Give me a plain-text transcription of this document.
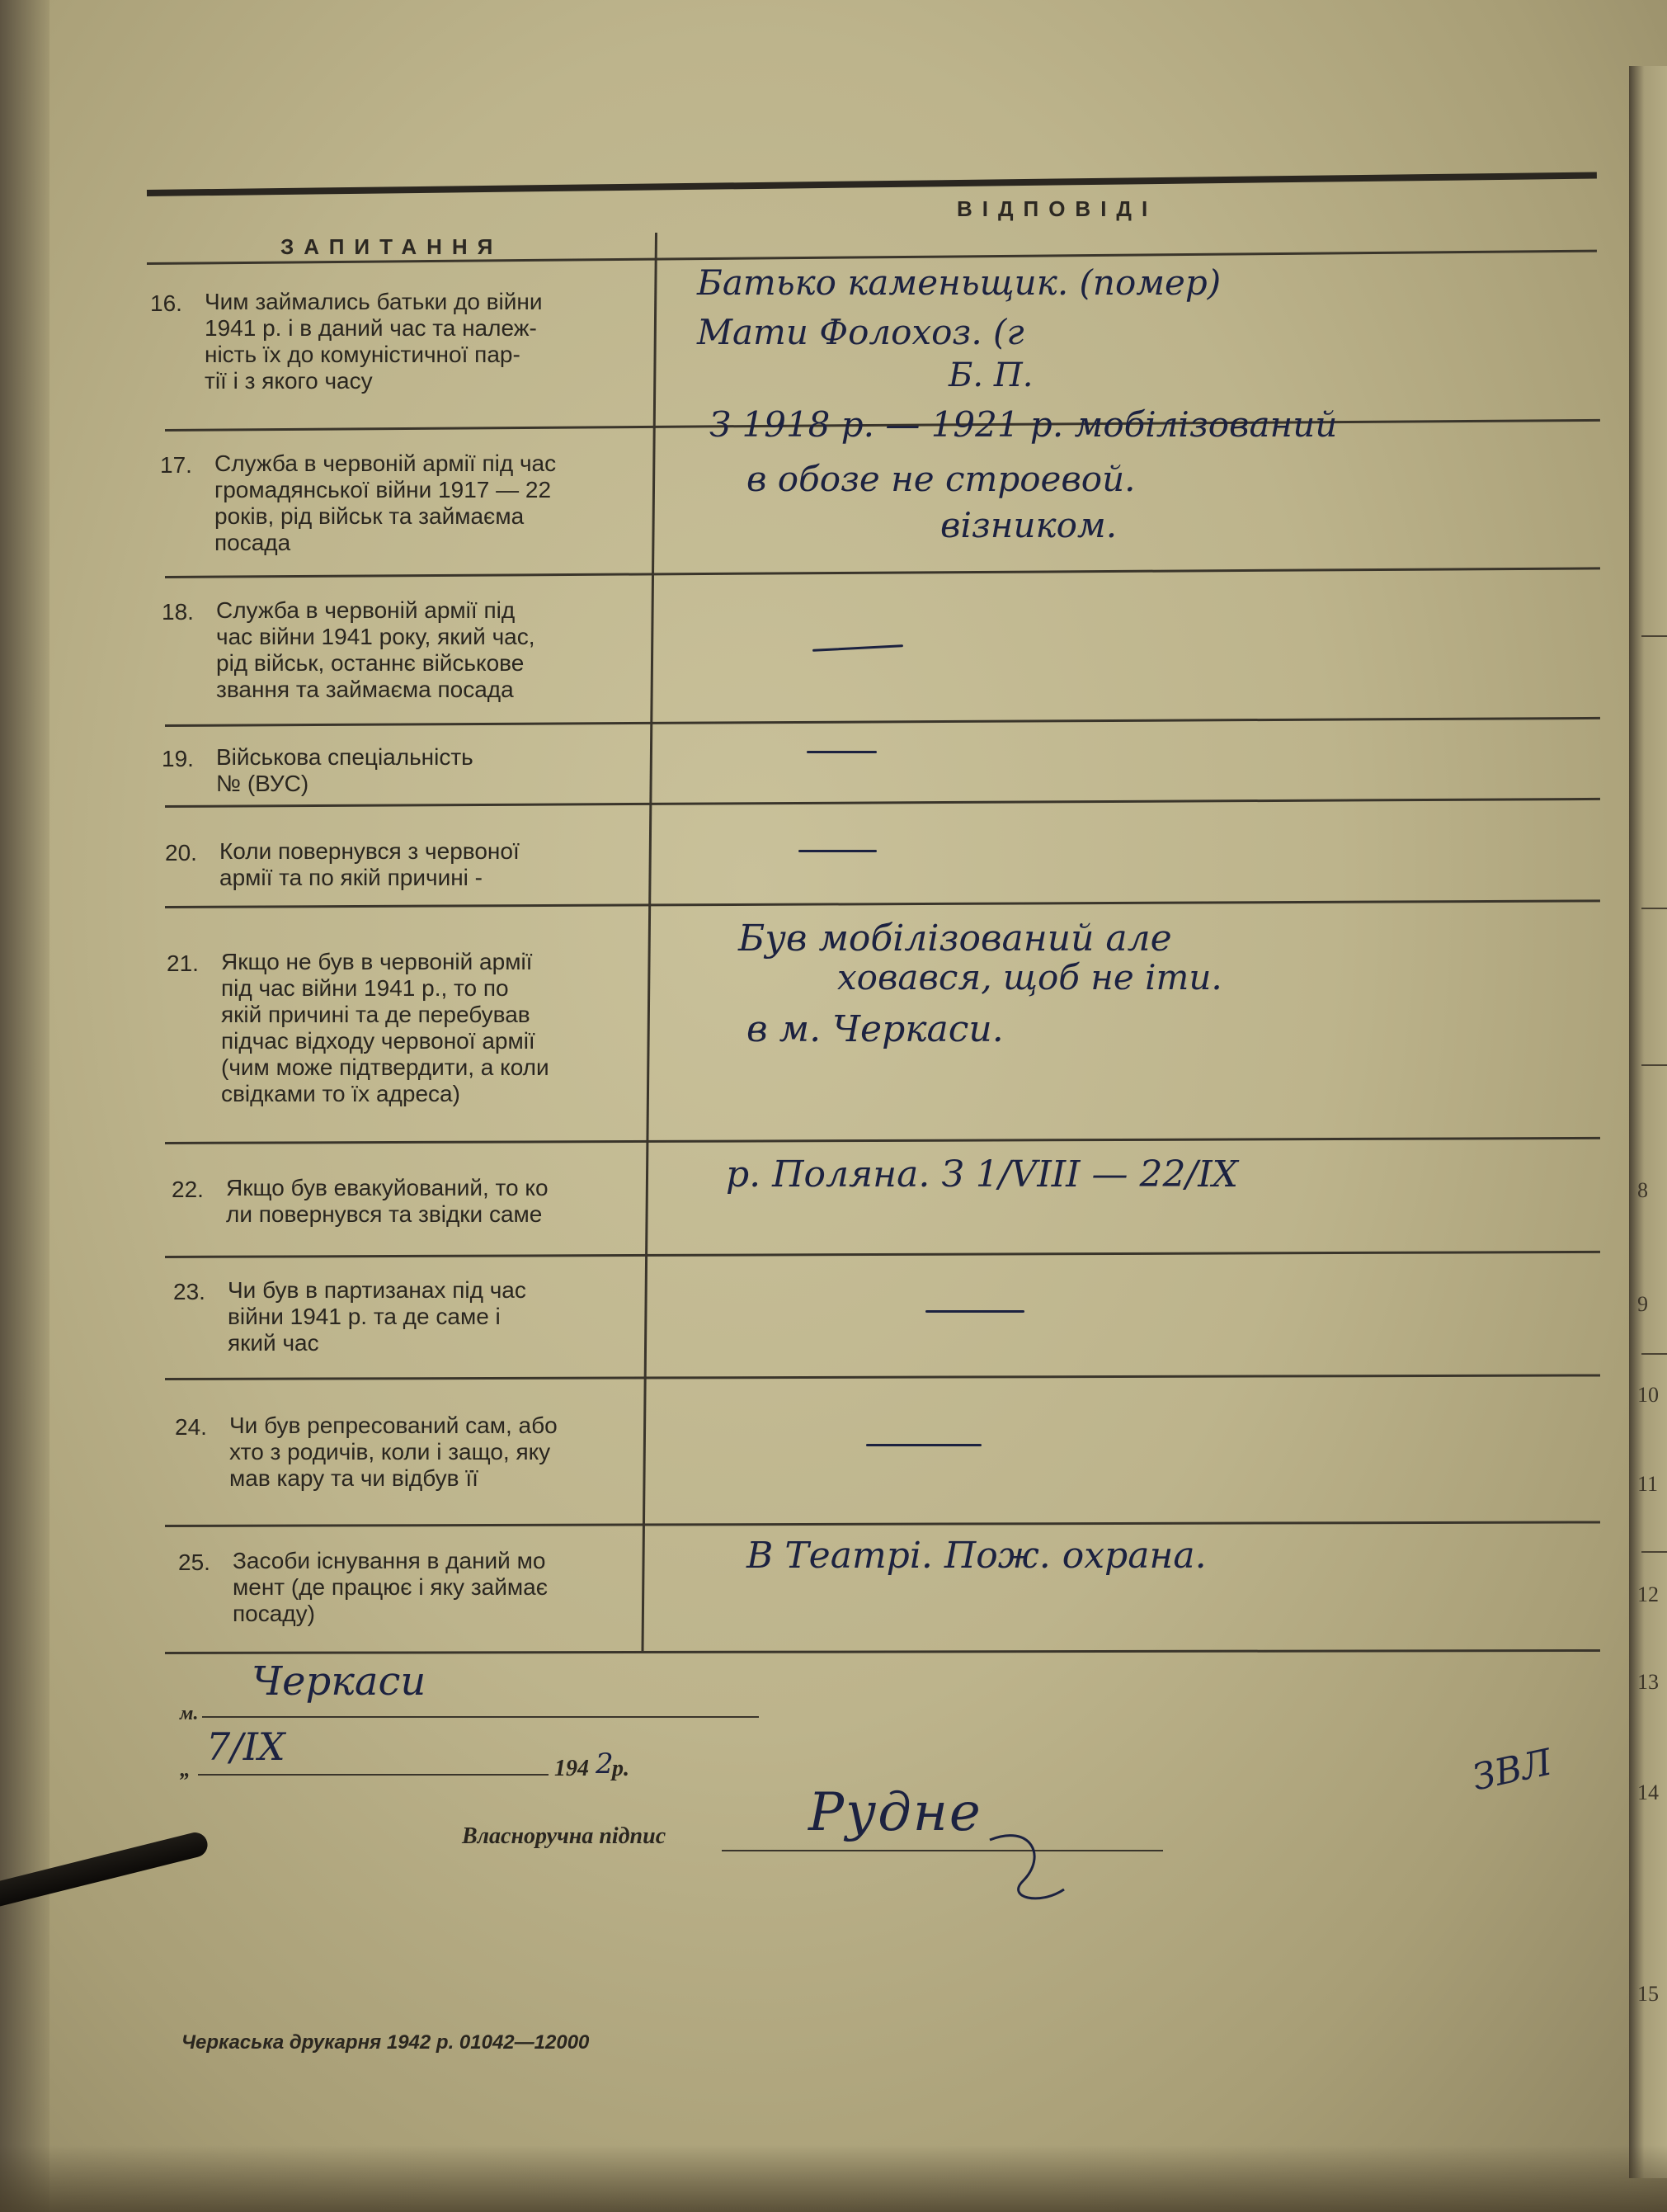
8
9
10
11
12
13
14
15
ВІДПОВІДІ
ЗАПИТАННЯ
16. Чим займались батьки до війни
1941 р. і в даний час та належ-
ність їх до комуністичної пар-
тії і з якого часу
Батько каменьщик. (помер)
Мати Фолохоз. (г
Б. П.
17. Служба в червоній армії під час
громадянської війни 1917 — 22
років, рід військ та займаєма
посада
З 1918 р. — 1921 р. мобілізований
в обозе не строевой.
візником.
18. Служба в червоній армії під
час війни 1941 року, який час,
рід військ, останнє військове
звання та займаєма посада
19. Військова спеціальність
№ (ВУС)
20. Коли повернувся з червоної
армії та по якій причині -
21. Якщо не був в червоній армії
під час війни 1941 р., то по
якій причині та де перебував
підчас відходу червоної армії
(чим може підтвердити, а коли
свідками то їх адреса)
Був мобілізований але
ховався, щоб не іти.
в м. Черкаси.
22. Якщо був евакуйований, то ко
ли повернувся та звідки саме
р. Поляна. З 1/VIII — 22/IX
23. Чи був в партизанах під час
війни 1941 р. та де саме і
який час
24. Чи був репресований сам, або
хто з родичів, коли і защо, яку
мав кару та чи відбув її
25. Засоби існування в даний мо
мент (де працює і яку займає
посаду)
В Театрі. Пож. охрана.
м.
Черкаси
„
7/IX	194 2
р.
Власноручна підпис	Рудне
ЗВЛ
Черкаська друкарня 1942 р. 01042—12000
